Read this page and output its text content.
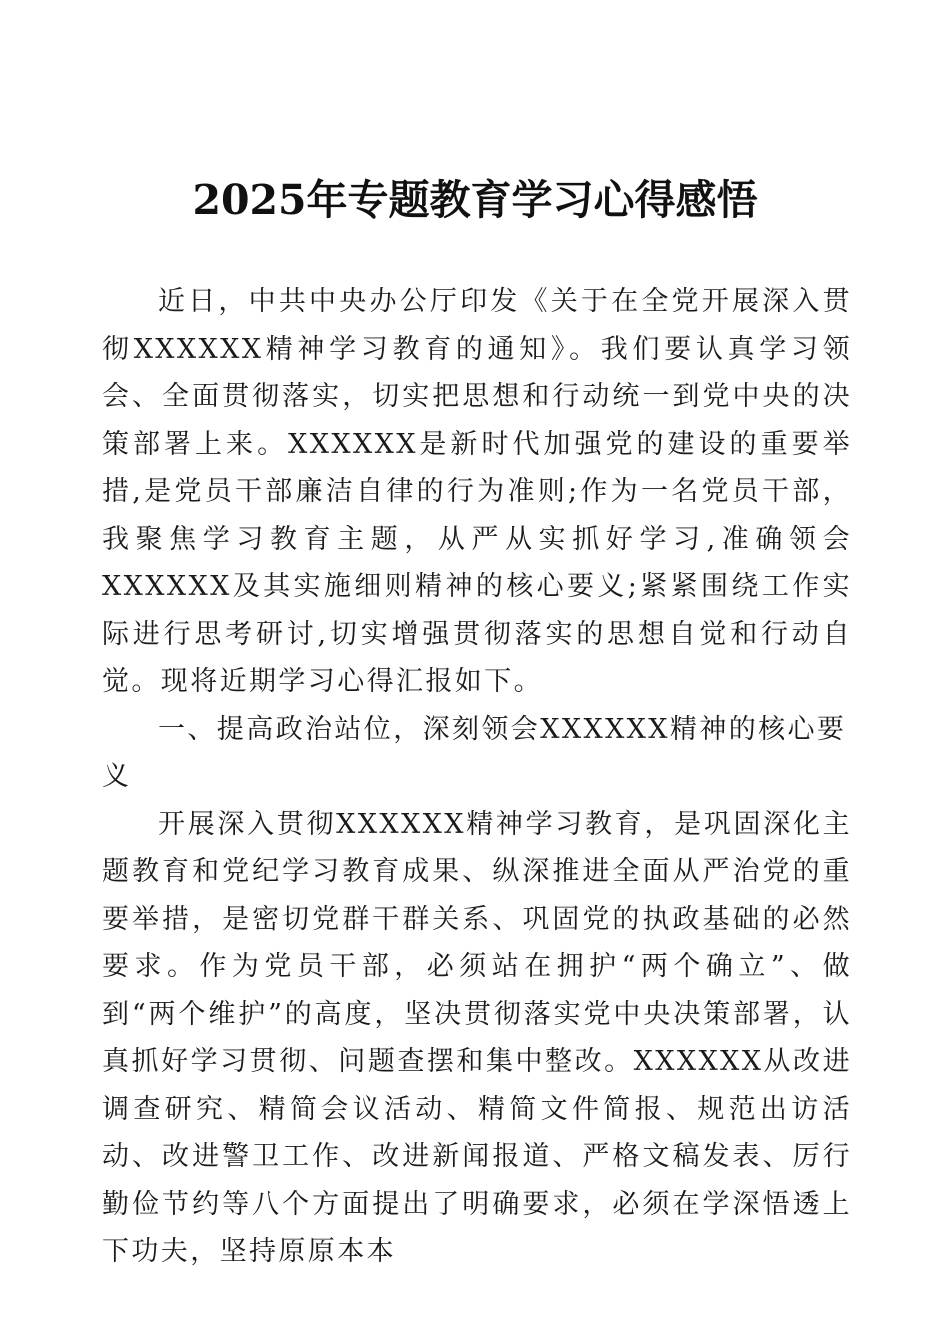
2025年专题教育学习心得感悟

近日，中共中央办公厅印发《关于在全党开展深入贯彻XXXXXX精神学习教育的通知》。我们要认真学习领会、全面贯彻落实，切实把思想和行动统一到党中央的决策部署上来。XXXXXX是新时代加强党的建设的重要举措,是党员干部廉洁自律的行为准则;作为一名党员干部，我聚焦学习教育主题，从严从实抓好学习,准确领会XXXXXX及其实施细则精神的核心要义;紧紧围绕工作实际进行思考研讨,切实增强贯彻落实的思想自觉和行动自觉。现将近期学习心得汇报如下。

一、提高政治站位，深刻领会XXXXXX精神的核心要义

开展深入贯彻XXXXXX精神学习教育，是巩固深化主题教育和党纪学习教育成果、纵深推进全面从严治党的重要举措，是密切党群干群关系、巩固党的执政基础的必然要求。作为党员干部，必须站在拥护“两个确立”、做到“两个维护”的高度，坚决贯彻落实党中央决策部署，认真抓好学习贯彻、问题查摆和集中整改。XXXXXX从改进调查研究、精简会议活动、精简文件简报、规范出访活动、改进警卫工作、改进新闻报道、严格文稿发表、厉行勤俭节约等八个方面提出了明确要求，必须在学深悟透上下功夫，坚持原原本本
